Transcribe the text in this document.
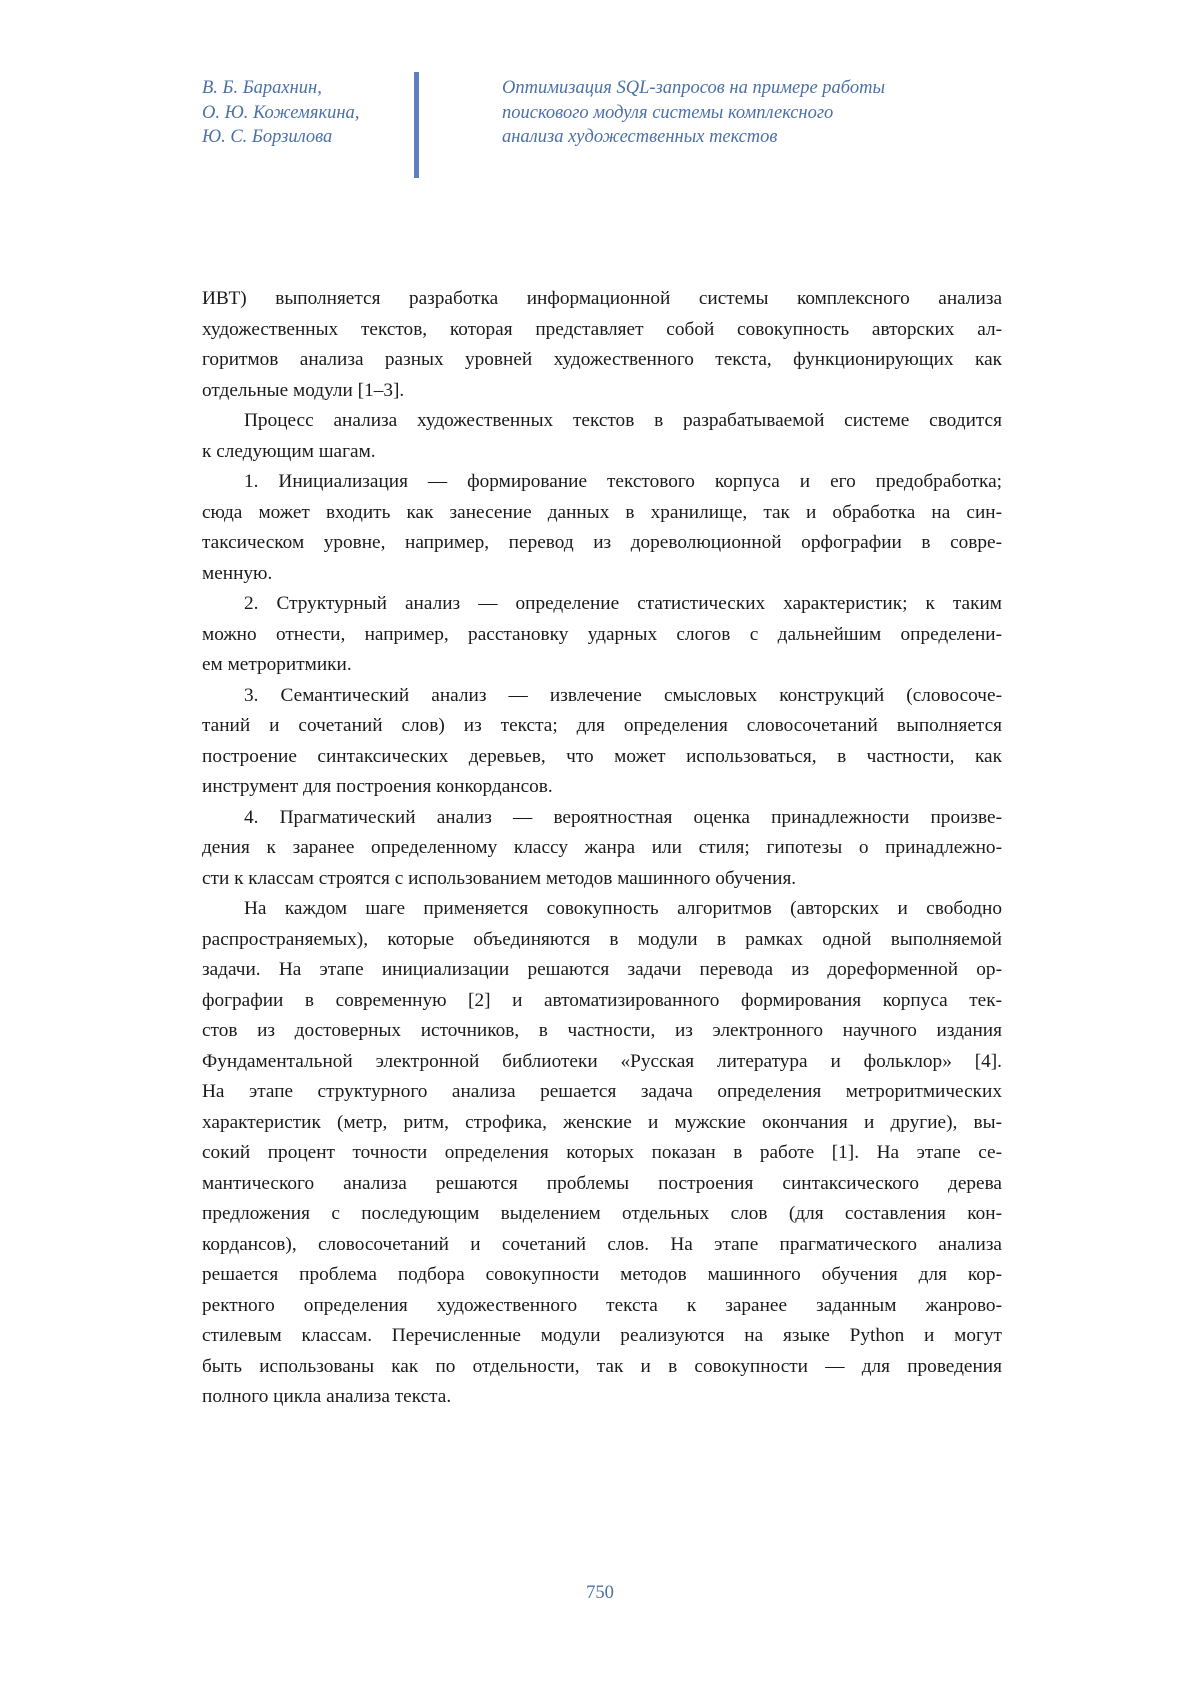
В. Б. Барахнин,
О. Ю. Кожемякина,
Ю. С. Борзилова
Оптимизация SQL-запросов на примере работы
поискового модуля системы комплексного
анализа художественных текстов

ИВТ) выполняется разработка информационной системы комплексного анализа

художественных текстов, которая представляет собой совокупность авторских ал-

горитмов анализа разных уровней художественного текста, функционирующих как

отдельные модули [1–3].

Процесс анализа художественных текстов в разрабатываемой системе сводится

к следующим шагам.

1. Инициализация — формирование текстового корпуса и его предобработка;

сюда может входить как занесение данных в хранилище, так и обработка на син-

таксическом уровне, например, перевод из дореволюционной орфографии в совре-

менную.

2. Структурный анализ — определение статистических характеристик; к таким

можно отнести, например, расстановку ударных слогов с дальнейшим определени-

ем метроритмики.

3. Семантический анализ — извлечение смысловых конструкций (словосоче-

таний и сочетаний слов) из текста; для определения словосочетаний выполняется

построение синтаксических деревьев, что может использоваться, в частности, как

инструмент для построения конкордансов.

4. Прагматический анализ — вероятностная оценка принадлежности произве-

дения к заранее определенному классу жанра или стиля; гипотезы о принадлежно-

сти к классам строятся с использованием методов машинного обучения.

На каждом шаге применяется совокупность алгоритмов (авторских и свободно

распространяемых), которые объединяются в модули в рамках одной выполняемой

задачи. На этапе инициализации решаются задачи перевода из дореформенной ор-

фографии в современную [2] и автоматизированного формирования корпуса тек-

стов из достоверных источников, в частности, из электронного научного издания

Фундаментальной электронной библиотеки «Русская литература и фольклор» [4].

На этапе структурного анализа решается задача определения метроритмических

характеристик (метр, ритм, строфика, женские и мужские окончания и другие), вы-

сокий процент точности определения которых показан в работе [1]. На этапе се-

мантического анализа решаются проблемы построения синтаксического дерева

предложения с последующим выделением отдельных слов (для составления кон-

кордансов), словосочетаний и сочетаний слов. На этапе прагматического анализа

решается проблема подбора совокупности методов машинного обучения для кор-

ректного определения художественного текста к заранее заданным жанрово-

стилевым классам. Перечисленные модули реализуются на языке Python и могут

быть использованы как по отдельности, так и в совокупности — для проведения

полного цикла анализа текста.

750
